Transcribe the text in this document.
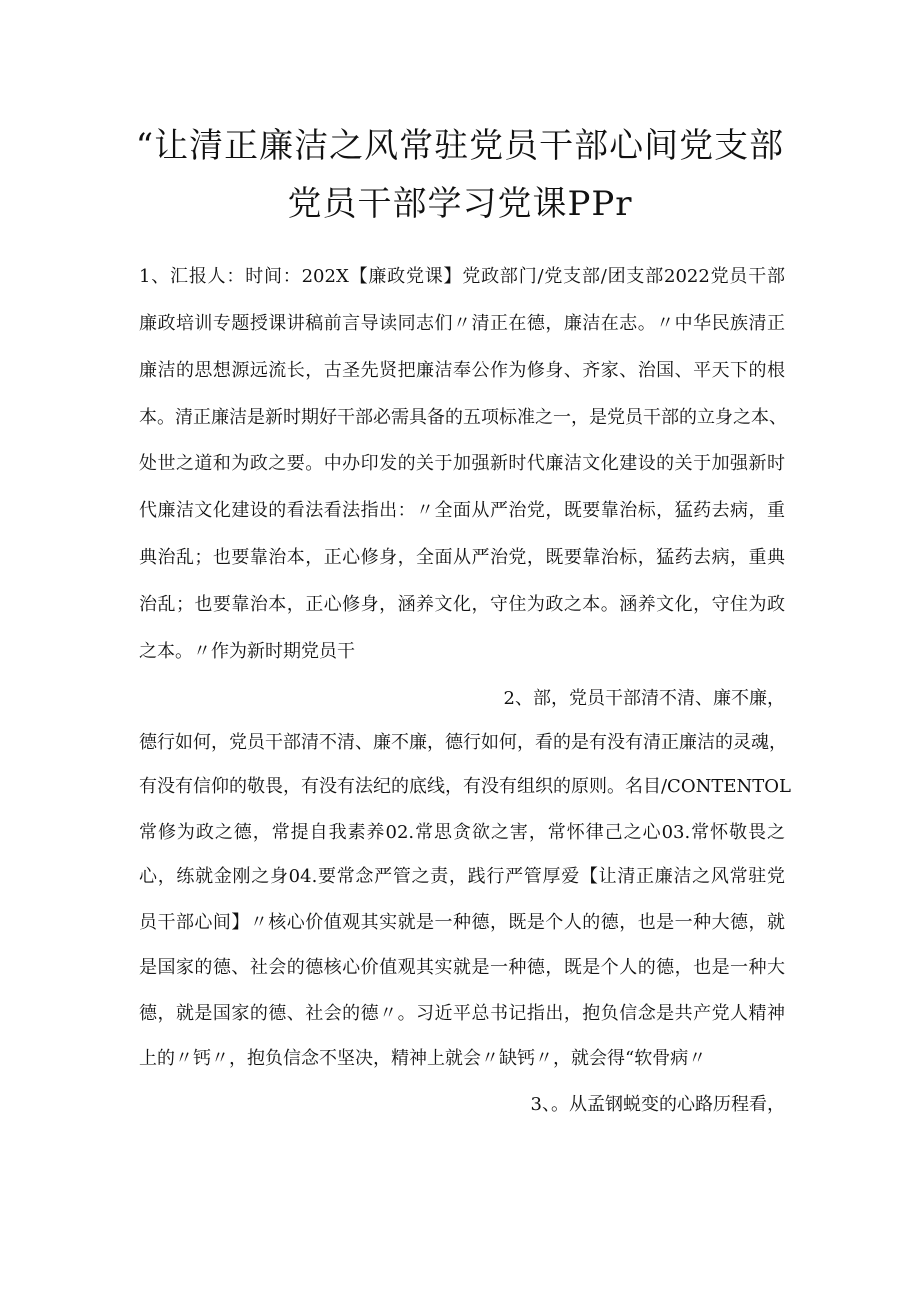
“让清正廉洁之风常驻党员干部心间党支部
党员干部学习党课PPr
1、汇报人：时间：202X【廉政党课】党政部门/党支部/团支部2022党员干部
廉政培训专题授课讲稿前言导读同志们〃清正在德，廉洁在志。〃中华民族清正
廉洁的思想源远流长，古圣先贤把廉洁奉公作为修身、齐家、治国、平天下的根
本。清正廉洁是新时期好干部必需具备的五项标准之一，是党员干部的立身之本、
处世之道和为政之要。中办印发的关于加强新时代廉洁文化建设的关于加强新时
代廉洁文化建设的看法看法指出：〃全面从严治党，既要靠治标，猛药去病，重
典治乱；也要靠治本，正心修身，全面从严治党，既要靠治标，猛药去病，重典
治乱；也要靠治本，正心修身，涵养文化，守住为政之本。涵养文化，守住为政
之本。〃作为新时期党员干
2、部，党员干部清不清、廉不廉，
德行如何，党员干部清不清、廉不廉，德行如何，看的是有没有清正廉洁的灵魂，
有没有信仰的敬畏，有没有法纪的底线，有没有组织的原则。名目/CONTENTOL
常修为政之德，常提自我素养02.常思贪欲之害，常怀律己之心03.常怀敬畏之
心，练就金刚之身04.要常念严管之责，践行严管厚爱【让清正廉洁之风常驻党
员干部心间】〃核心价值观其实就是一种德，既是个人的德，也是一种大德，就
是国家的德、社会的德核心价值观其实就是一种德，既是个人的德，也是一种大
德，就是国家的德、社会的德〃。习近平总书记指出，抱负信念是共产党人精神
上的〃钙〃，抱负信念不坚决，精神上就会〃缺钙〃，就会得“软骨病〃
3、。从孟钢蜕变的心路历程看，
